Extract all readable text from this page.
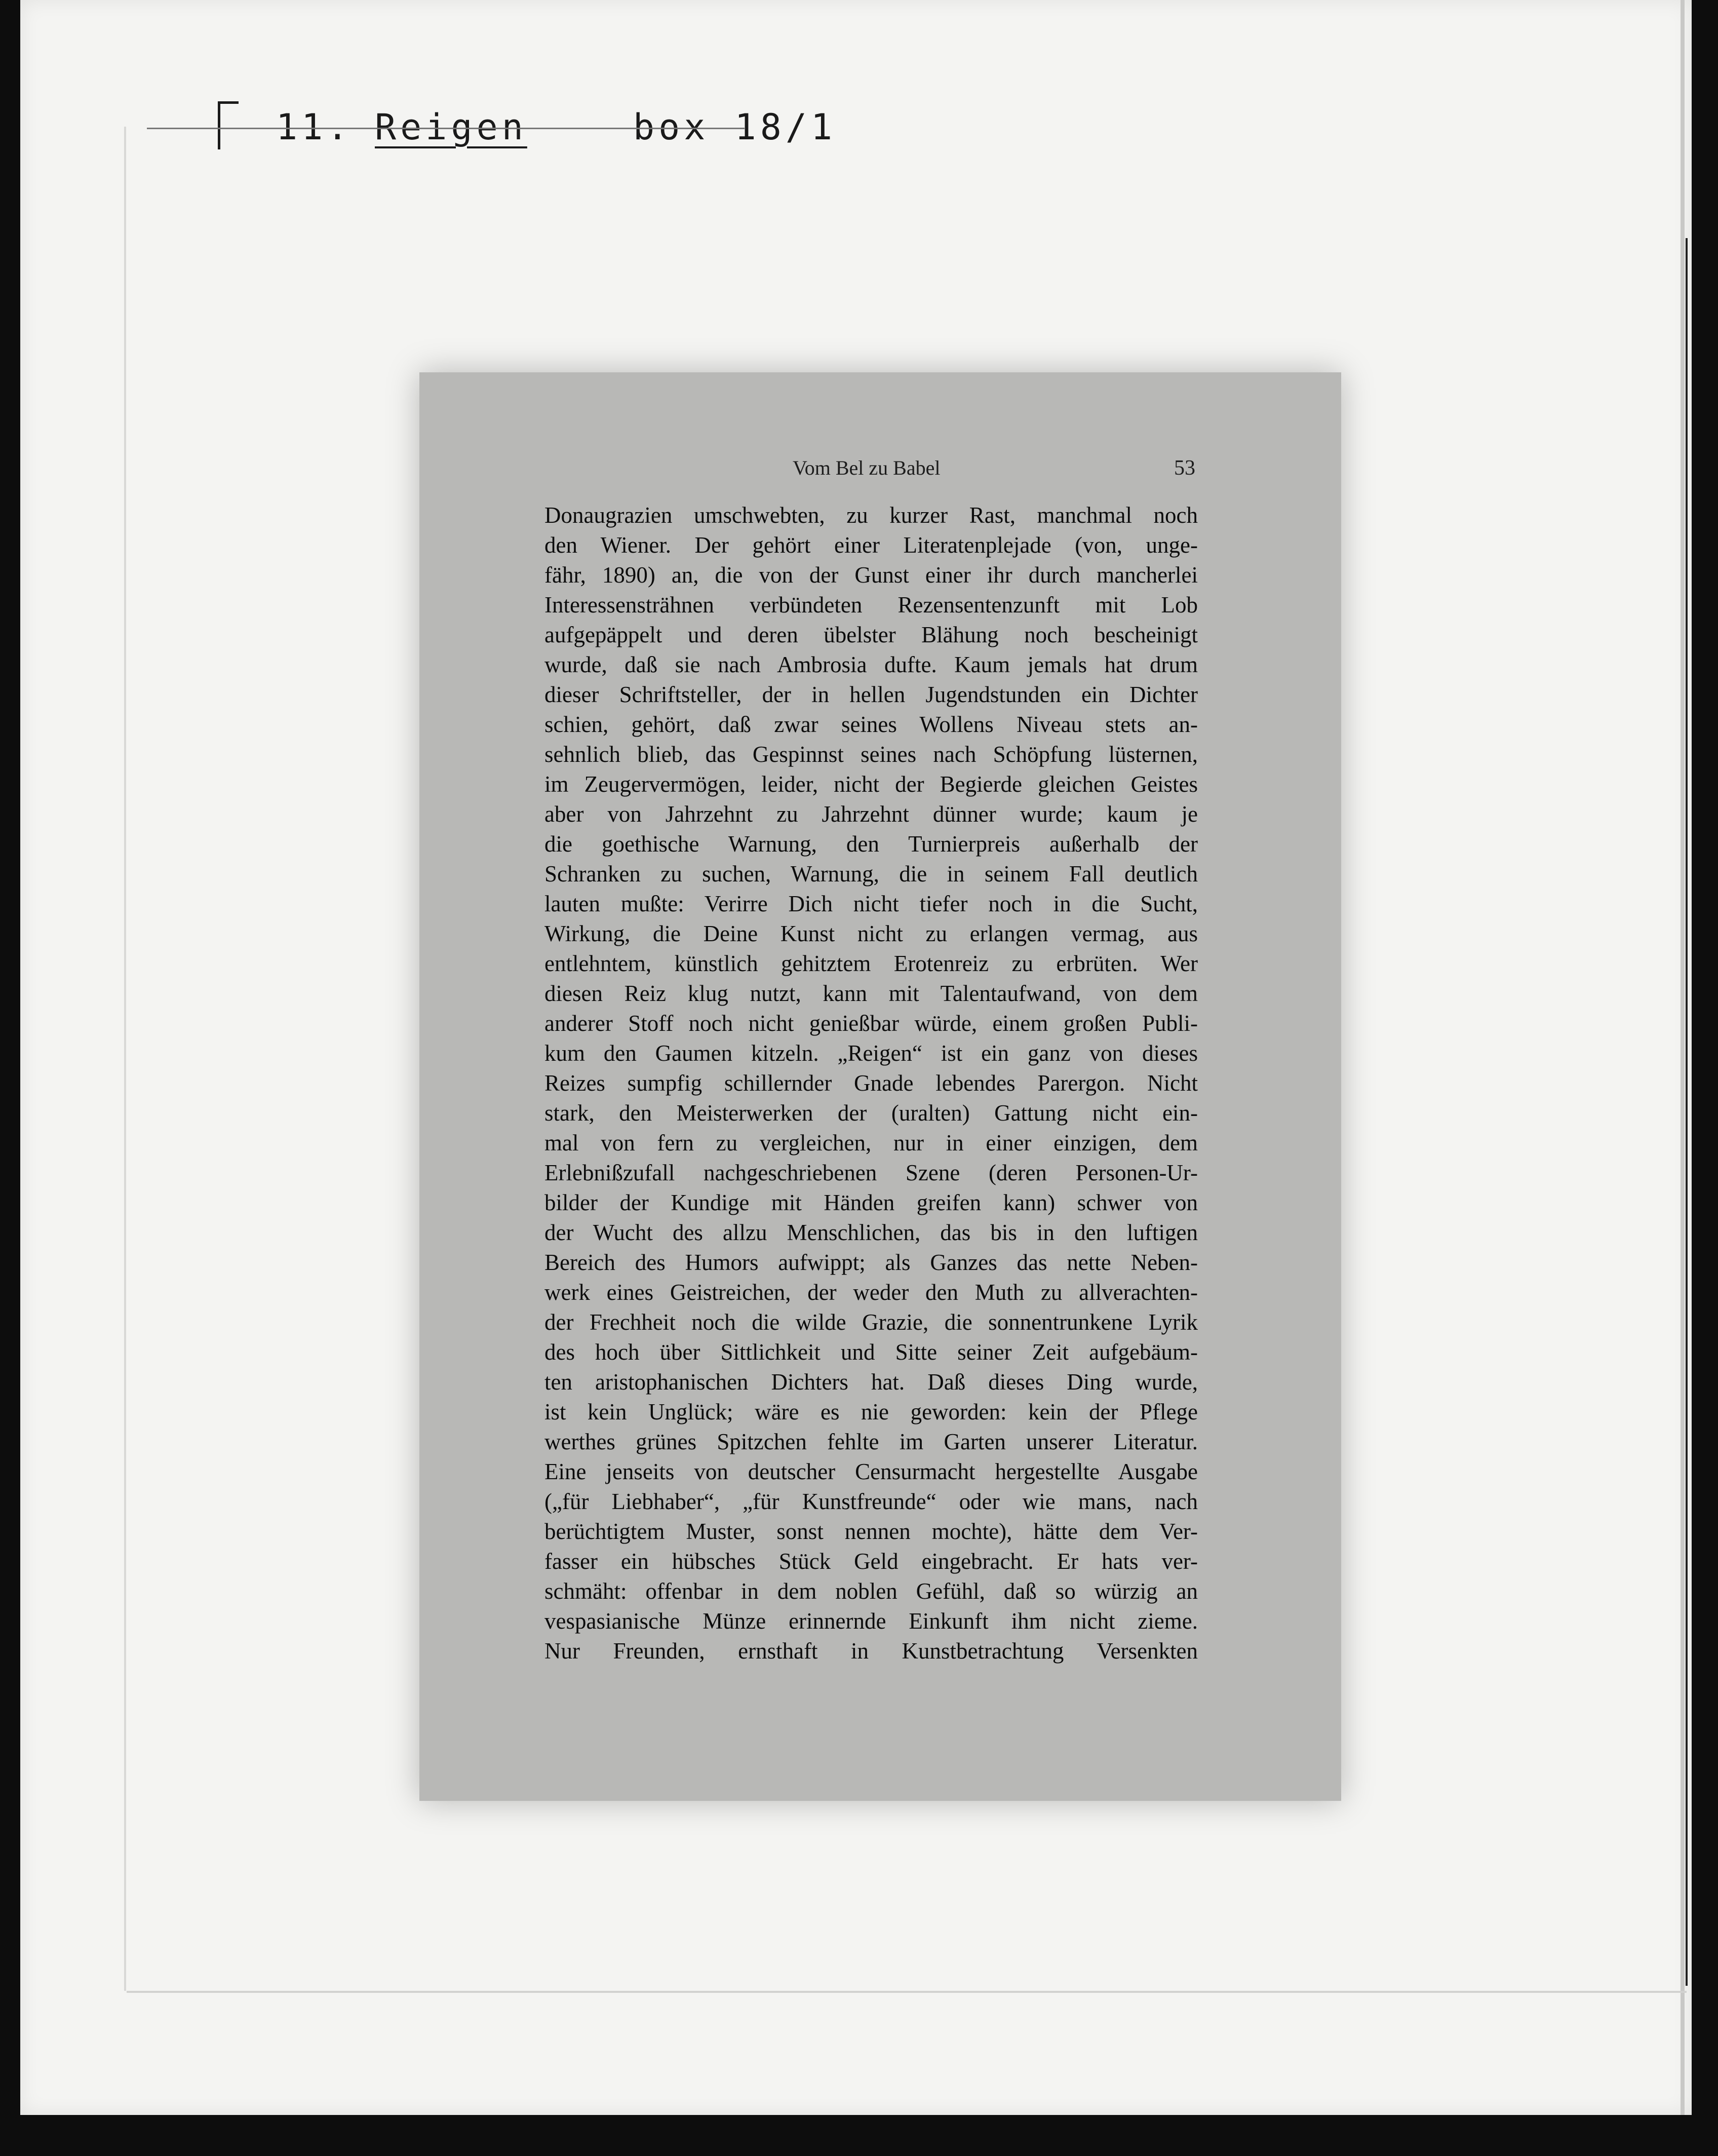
11. Reigen	box 18/1
Vom Bel zu Babel	53
Donaugrazien umschwebten, zu kurzer Rast, manchmal noch
den Wiener. Der gehört einer Literatenplejade (von, unge-
fähr, 1890) an, die von der Gunst einer ihr durch mancherlei
Interessensträhnen verbündeten Rezensentenzunft mit Lob
aufgepäppelt und deren übelster Blähung noch bescheinigt
wurde, daß sie nach Ambrosia dufte. Kaum jemals hat drum
dieser Schriftsteller, der in hellen Jugendstunden ein Dichter
schien, gehört, daß zwar seines Wollens Niveau stets an-
sehnlich blieb, das Gespinnst seines nach Schöpfung lüsternen,
im Zeugervermögen, leider, nicht der Begierde gleichen Geistes
aber von Jahrzehnt zu Jahrzehnt dünner wurde; kaum je
die goethische Warnung, den Turnierpreis außerhalb der
Schranken zu suchen, Warnung, die in seinem Fall deutlich
lauten mußte: Verirre Dich nicht tiefer noch in die Sucht,
Wirkung, die Deine Kunst nicht zu erlangen vermag, aus
entlehntem, künstlich gehitztem Erotenreiz zu erbrüten. Wer
diesen Reiz klug nutzt, kann mit Talentaufwand, von dem
anderer Stoff noch nicht genießbar würde, einem großen Publi-
kum den Gaumen kitzeln. „Reigen“ ist ein ganz von dieses
Reizes sumpfig schillernder Gnade lebendes Parergon. Nicht
stark, den Meisterwerken der (uralten) Gattung nicht ein-
mal von fern zu vergleichen, nur in einer einzigen, dem
Erlebnißzufall nachgeschriebenen Szene (deren Personen-Ur-
bilder der Kundige mit Händen greifen kann) schwer von
der Wucht des allzu Menschlichen, das bis in den luftigen
Bereich des Humors aufwippt; als Ganzes das nette Neben-
werk eines Geistreichen, der weder den Muth zu allverachten-
der Frechheit noch die wilde Grazie, die sonnentrunkene Lyrik
des hoch über Sittlichkeit und Sitte seiner Zeit aufgebäum-
ten aristophanischen Dichters hat. Daß dieses Ding wurde,
ist kein Unglück; wäre es nie geworden: kein der Pflege
werthes grünes Spitzchen fehlte im Garten unserer Literatur.
Eine jenseits von deutscher Censurmacht hergestellte Ausgabe
(„für Liebhaber“, „für Kunstfreunde“ oder wie mans, nach
berüchtigtem Muster, sonst nennen mochte), hätte dem Ver-
fasser ein hübsches Stück Geld eingebracht. Er hats ver-
schmäht: offenbar in dem noblen Gefühl, daß so würzig an
vespasianische Münze erinnernde Einkunft ihm nicht zieme.
Nur Freunden, ernsthaft in Kunstbetrachtung Versenkten
